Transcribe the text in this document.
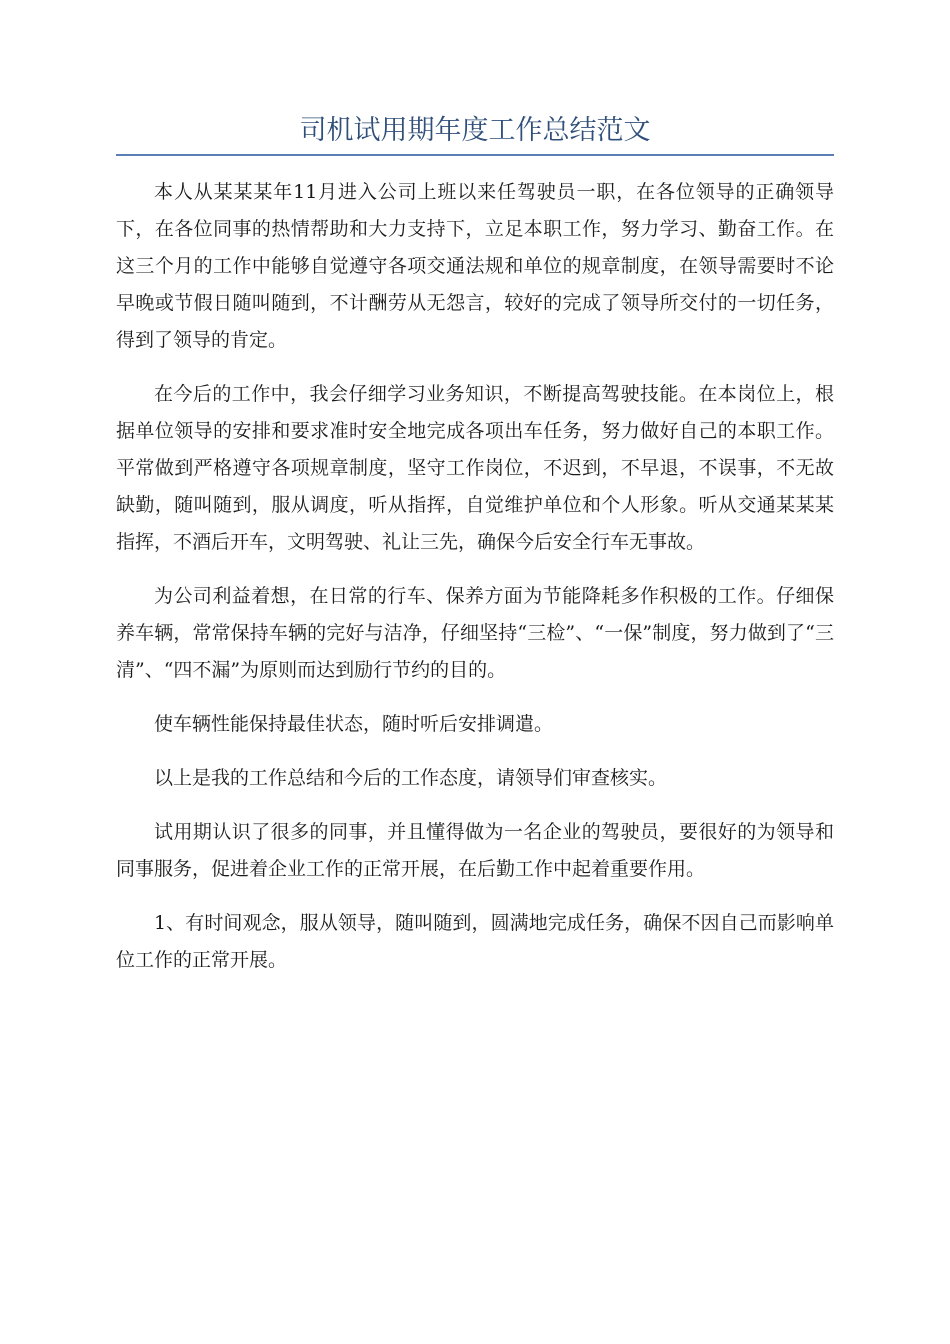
司机试用期年度工作总结范文

本人从某某某年11月进入公司上班以来任驾驶员一职，在各位领导的正确领导下，在各位同事的热情帮助和大力支持下，立足本职工作，努力学习、勤奋工作。在这三个月的工作中能够自觉遵守各项交通法规和单位的规章制度，在领导需要时不论早晚或节假日随叫随到，不计酬劳从无怨言，较好的完成了领导所交付的一切任务，得到了领导的肯定。

在今后的工作中，我会仔细学习业务知识，不断提高驾驶技能。在本岗位上，根据单位领导的安排和要求准时安全地完成各项出车任务，努力做好自己的本职工作。平常做到严格遵守各项规章制度，坚守工作岗位，不迟到，不早退，不误事，不无故缺勤，随叫随到，服从调度，听从指挥，自觉维护单位和个人形象。听从交通某某某指挥，不酒后开车，文明驾驶、礼让三先，确保今后安全行车无事故。

为公司利益着想，在日常的行车、保养方面为节能降耗多作积极的工作。仔细保养车辆，常常保持车辆的完好与洁净，仔细坚持“三检”、“一保”制度，努力做到了“三清”、“四不漏”为原则而达到励行节约的目的。

使车辆性能保持最佳状态，随时听后安排调遣。

以上是我的工作总结和今后的工作态度，请领导们审查核实。

试用期认识了很多的同事，并且懂得做为一名企业的驾驶员，要很好的为领导和同事服务，促进着企业工作的正常开展，在后勤工作中起着重要作用。

1、有时间观念，服从领导，随叫随到，圆满地完成任务，确保不因自己而影响单位工作的正常开展。
